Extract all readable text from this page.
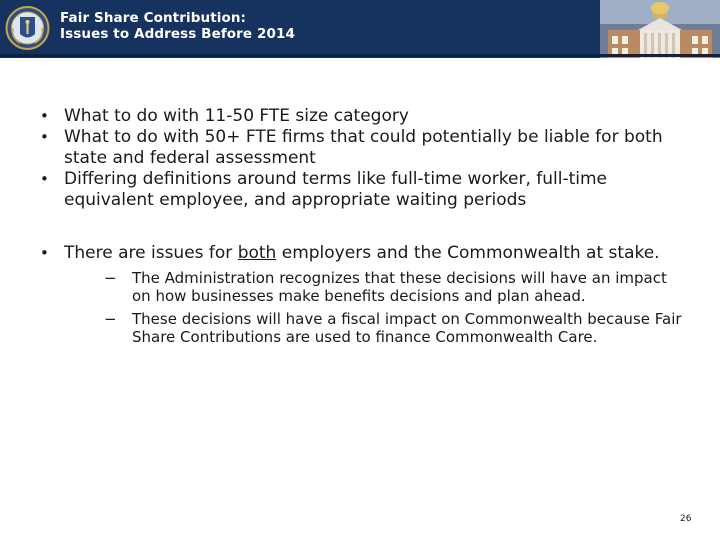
Fair Share Contribution:
Issues to Address Before 2014
• What to do with 11-50 FTE size category
• What to do with 50+ FTE firms that could potentially be liable for both state and federal assessment
• Differing definitions around terms like full-time worker, full-time equivalent employee, and appropriate waiting periods
• There are issues for both employers and the Commonwealth at stake.
− The Administration recognizes that these decisions will have an impact on how businesses make benefits decisions and plan ahead.
− These decisions will have a fiscal impact on Commonwealth because Fair Share Contributions are used to finance Commonwealth Care.
26
